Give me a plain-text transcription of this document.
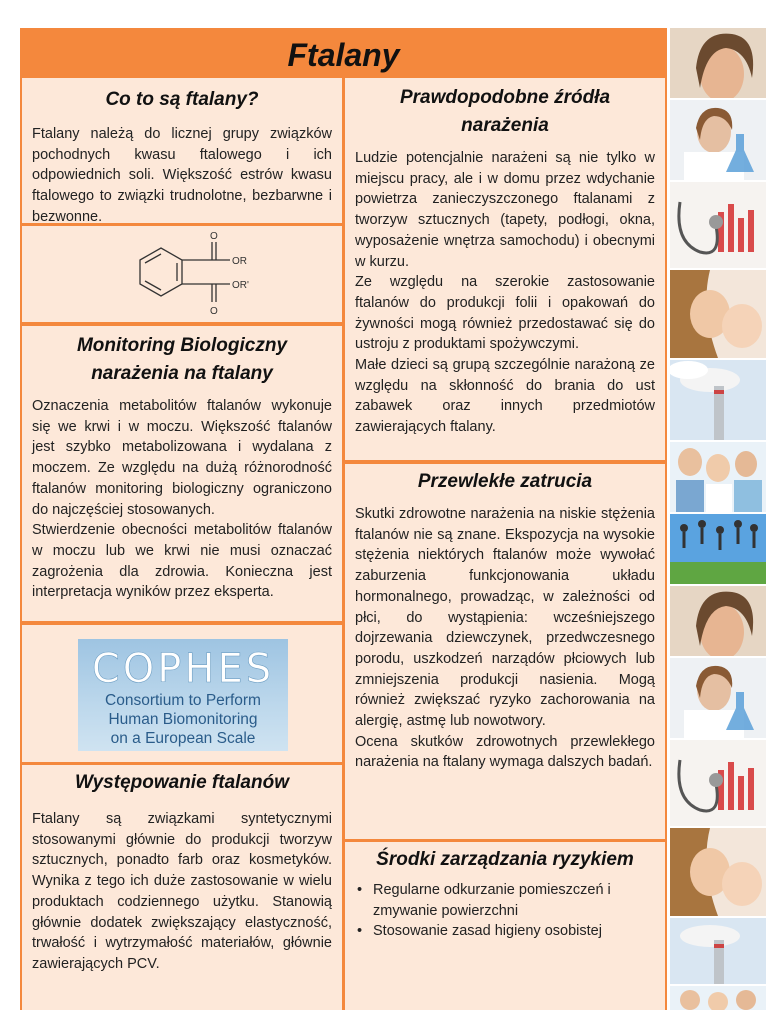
Ftalany
Co to są ftalany?

Ftalany należą do licznej grupy związków pochodnych kwasu ftalowego i ich odpowiednich soli. Większość estrów kwasu ftalowego to związki trudnolotne, bezbarwne i bezwonne.

O
OR
OR'
O
Monitoring Biologiczny narażenia na ftalany

Oznaczenia metabolitów ftalanów wykonuje się we krwi i w moczu. Większość ftalanów jest szybko metabolizowana i wydalana z moczem. Ze względu na dużą różnorodność ftalanów monitoring biologiczny ograniczono do najczęściej stosowanych.

Stwierdzenie obecności metabolitów ftalanów w moczu lub we krwi nie musi oznaczać zagrożenia dla zdrowia. Konieczna jest interpretacja wyników przez eksperta.

COPHES
Consortium to Perform
Human Biomonitoring
on a European Scale
Występowanie ftalanów

Ftalany są związkami syntetycznymi stosowanymi głównie do produkcji tworzyw sztucznych, ponadto farb oraz kosmetyków. Wynika z tego ich duże zastosowanie w wielu produktach codziennego użytku. Stanowią głównie dodatek zwiększający elastyczność, trwałość i wytrzymałość materiałów, głównie zawierających PCV.

Prawdopodobne źródła narażenia

Ludzie potencjalnie narażeni są nie tylko w miejscu pracy, ale i w domu przez wdychanie powietrza zanieczyszczonego ftalanami z tworzyw sztucznych (tapety, podłogi, okna, wyposażenie wnętrza samochodu) i obecnymi w kurzu.

Ze względu na szerokie zastosowanie ftalanów do produkcji folii i opakowań do żywności mogą również przedostawać się do ustroju z produktami spożywczymi.

Małe dzieci są grupą szczególnie narażoną ze względu na skłonność do brania do ust zabawek oraz innych przedmiotów zawierających ftalany.

Przewlekłe zatrucia

Skutki zdrowotne narażenia na niskie stężenia ftalanów nie są znane. Ekspozycja na wysokie stężenia niektórych ftalanów może wywołać zaburzenia funkcjonowania układu hormonalnego, prowadząc, w zależności od płci, do wystąpienia: wcześniejszego dojrzewania dziewczynek, przedwczesnego porodu, uszkodzeń narządów płciowych lub zmniejszenia produkcji nasienia. Mogą również zwiększać ryzyko zachorowania na alergię, astmę lub nowotwory.

Ocena skutków zdrowotnych przewlekłego narażenia na ftalany wymaga dalszych badań.

Środki zarządzania ryzykiem
• Regularne odkurzanie pomieszczeń i zmywanie powierzchni
• Stosowanie zasad higieny osobistej
